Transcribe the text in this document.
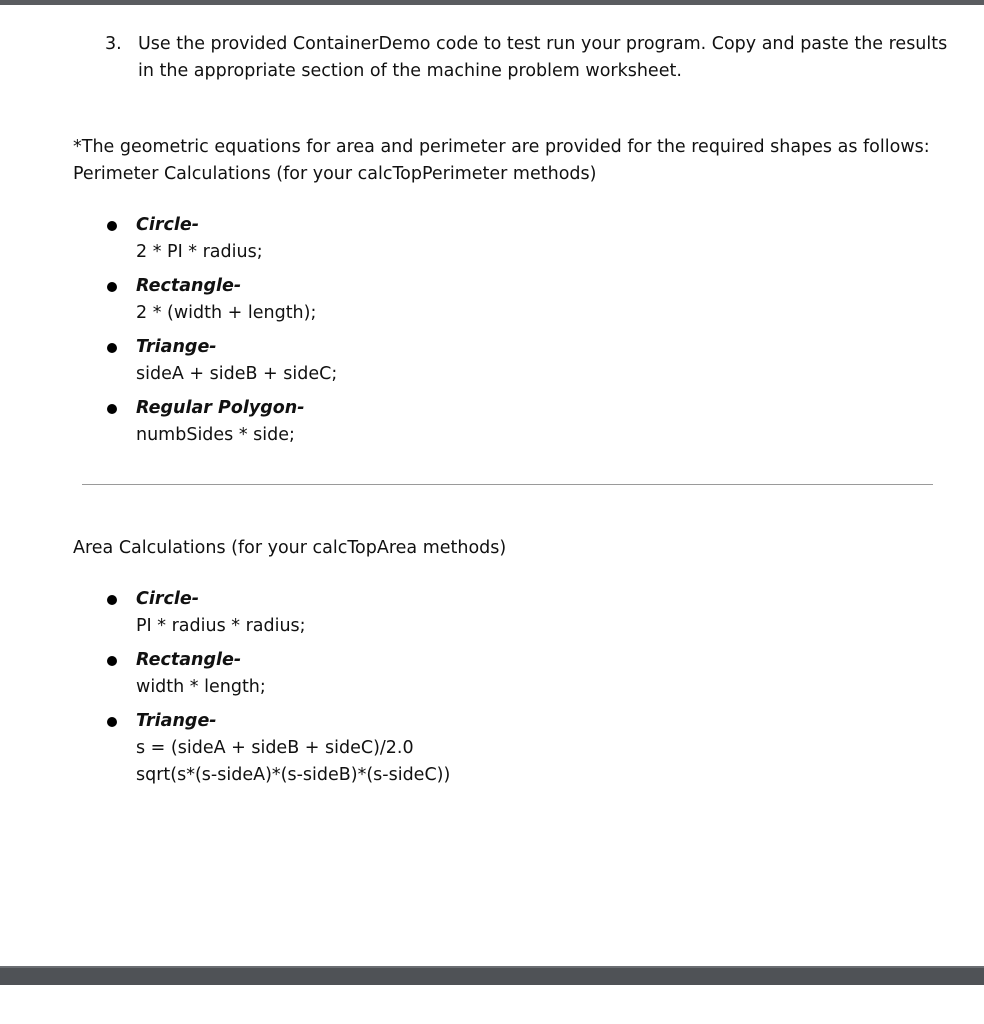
3. Use the provided ContainerDemo code to test run your program. Copy and paste the results in the appropriate section of the machine problem worksheet.

*The geometric equations for area and perimeter are provided for the required shapes as follows:

Perimeter Calculations (for your calcTopPerimeter methods)

Circle-
2 * PI * radius;
Rectangle-
2 * (width + length);
Triange-
sideA + sideB + sideC;
Regular Polygon-
numbSides * side;
Area Calculations (for your calcTopArea methods)
Circle-
PI * radius * radius;
Rectangle-
width * length;
Triange-
s = (sideA + sideB + sideC)/2.0
sqrt(s*(s-sideA)*(s-sideB)*(s-sideC))
